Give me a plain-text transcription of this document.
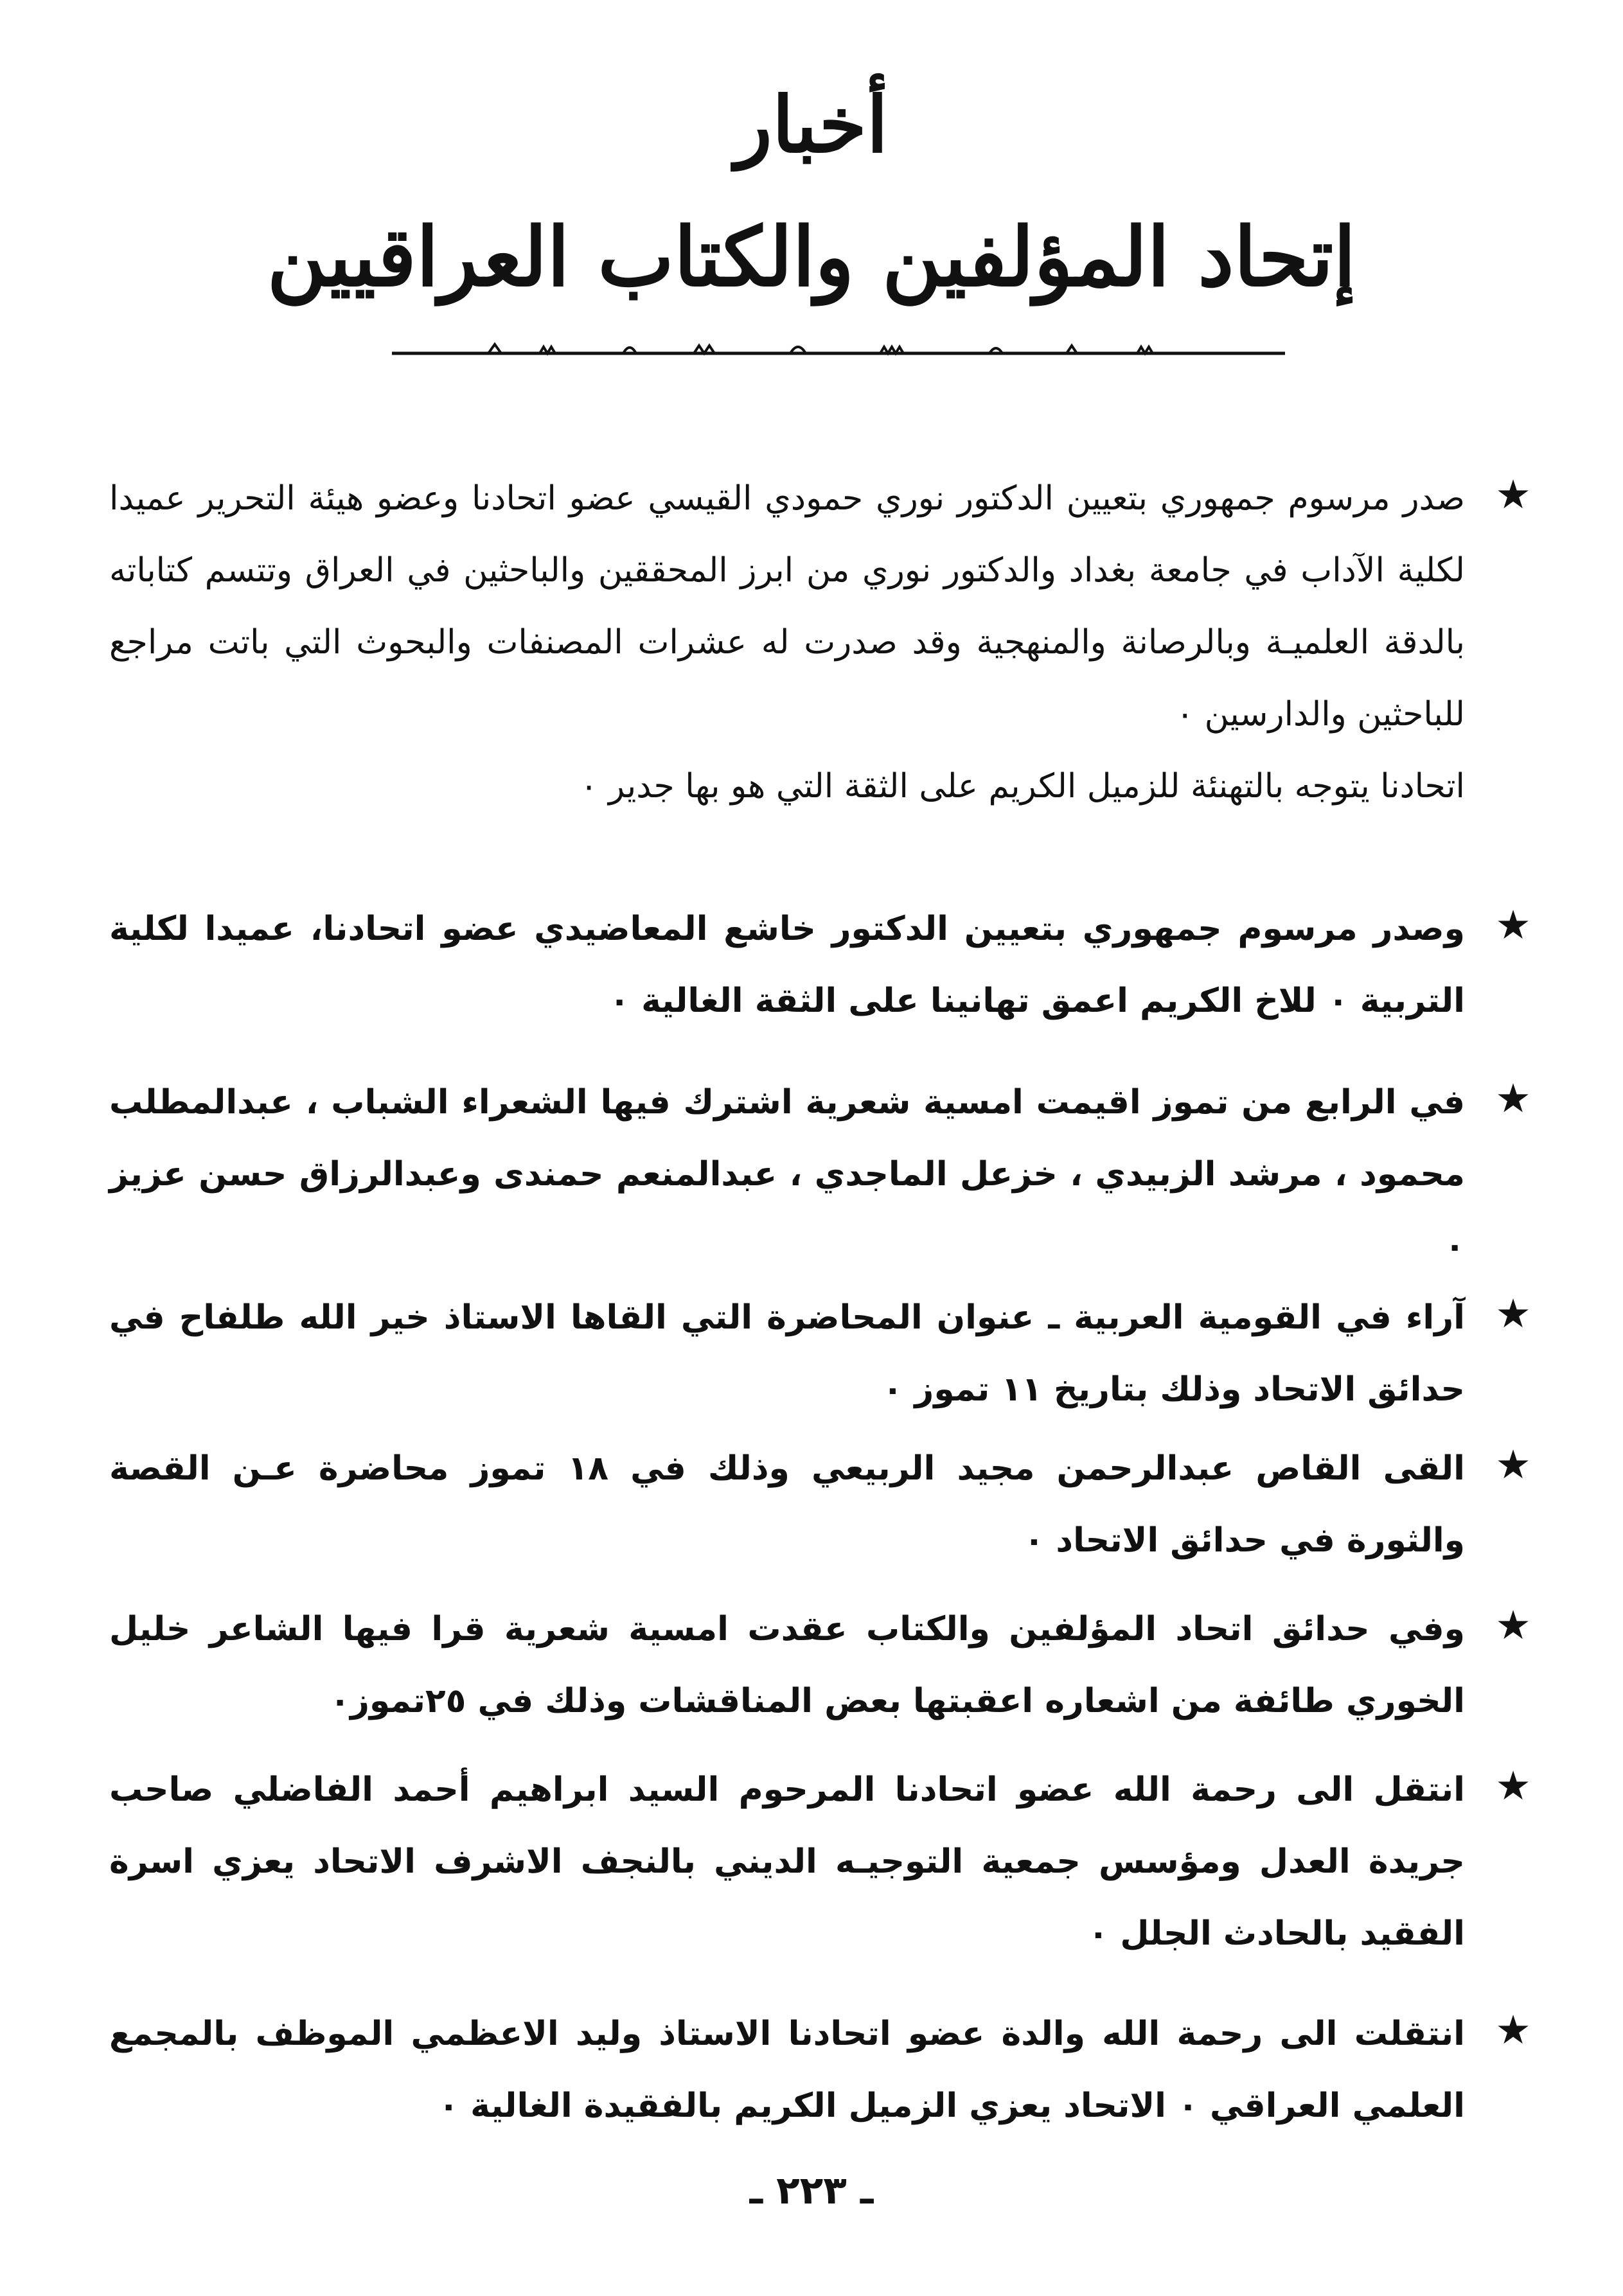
أخبار
إتحاد المؤلفين والكتاب العراقيين
★

صدر مرسوم جمهوري بتعيين الدكتور نوري حمودي القيسي عضو اتحادنا وعضو هيئة التحرير عميدا لكلية الآداب في جامعة بغداد والدكتور نوري من ابرز المحققين والباحثين في العراق وتتسم كتاباته بالدقة العلميـة وبالرصانة والمنهجية وقد صدرت له عشرات المصنفات والبحوث التي باتت مراجع للباحثين والدارسين ٠

اتحادنا يتوجه بالتهنئة للزميل الكريم على الثقة التي هو بها جدير ٠

★

وصدر مرسوم جمهوري بتعيين الدكتور خاشع المعاضيدي عضو اتحادنا، عميدا لكلية التربية ٠ للاخ الكريم اعمق تهانينا على الثقة الغالية ٠

★

في الرابع من تموز اقيمت امسية شعرية اشترك فيها الشعراء الشباب ، عبدالمطلب محمود ، مرشد الزبيدي ، خزعل الماجدي ، عبدالمنعم حمندى وعبدالرزاق حسن عزيز ٠

★

آراء في القومية العربية ـ عنوان المحاضرة التي القاها الاستاذ خير الله طلفاح في حدائق الاتحاد وذلك بتاريخ ١١ تموز ٠

★

القى القاص عبدالرحمن مجيد الربيعي وذلك في ١٨ تموز محاضرة عـن القصة والثورة في حدائق الاتحاد ٠

★

وفي حدائق اتحاد المؤلفين والكتاب عقدت امسية شعرية قرا فيها الشاعر خليل الخوري طائفة من اشعاره اعقبتها بعض المناقشات وذلك في ٢٥تموز٠

★

انتقل الى رحمة الله عضو اتحادنا المرحوم السيد ابراهيم أحمد الفاضلي صاحب جريدة العدل ومؤسس جمعية التوجيـه الديني بالنجف الاشرف الاتحاد يعزي اسرة الفقيد بالحادث الجلل ٠

★

انتقلت الى رحمة الله والدة عضو اتحادنا الاستاذ وليد الاعظمي الموظف بالمجمع العلمي العراقي ٠ الاتحاد يعزي الزميل الكريم بالفقيدة الغالية ٠

ـ ٢٢٣ ـ
